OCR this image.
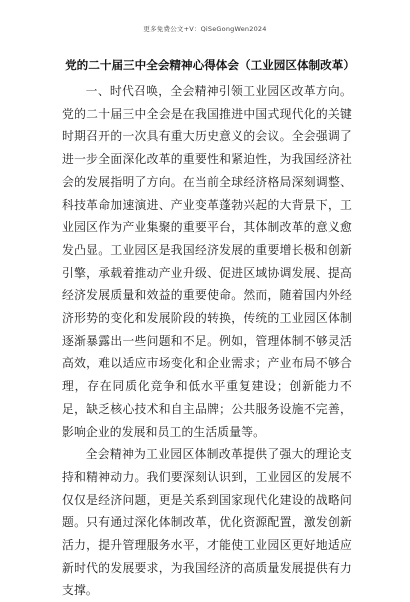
更多免费公文+V：QiSeGongWen2024
党的二十届三中全会精神心得体会（工业园区体制改革）

一、时代召唤，全会精神引领工业园区改革方向。党的二十届三中全会是在我国推进中国式现代化的关键时期召开的一次具有重大历史意义的会议。全会强调了进一步全面深化改革的重要性和紧迫性，为我国经济社会的发展指明了方向。在当前全球经济格局深刻调整、科技革命加速演进、产业变革蓬勃兴起的大背景下，工业园区作为产业集聚的重要平台，其体制改革的意义愈发凸显。工业园区是我国经济发展的重要增长极和创新引擎，承载着推动产业升级、促进区域协调发展、提高经济发展质量和效益的重要使命。然而，随着国内外经济形势的变化和发展阶段的转换，传统的工业园区体制逐渐暴露出一些问题和不足。例如，管理体制不够灵活高效，难以适应市场变化和企业需求；产业布局不够合理，存在同质化竞争和低水平重复建设；创新能力不足，缺乏核心技术和自主品牌；公共服务设施不完善，影响企业的发展和员工的生活质量等。

全会精神为工业园区体制改革提供了强大的理论支持和精神动力。我们要深刻认识到，工业园区的发展不仅仅是经济问题，更是关系到国家现代化建设的战略问题。只有通过深化体制改革，优化资源配置，激发创新活力，提升管理服务水平，才能使工业园区更好地适应新时代的发展要求，为我国经济的高质量发展提供有力支撑。
